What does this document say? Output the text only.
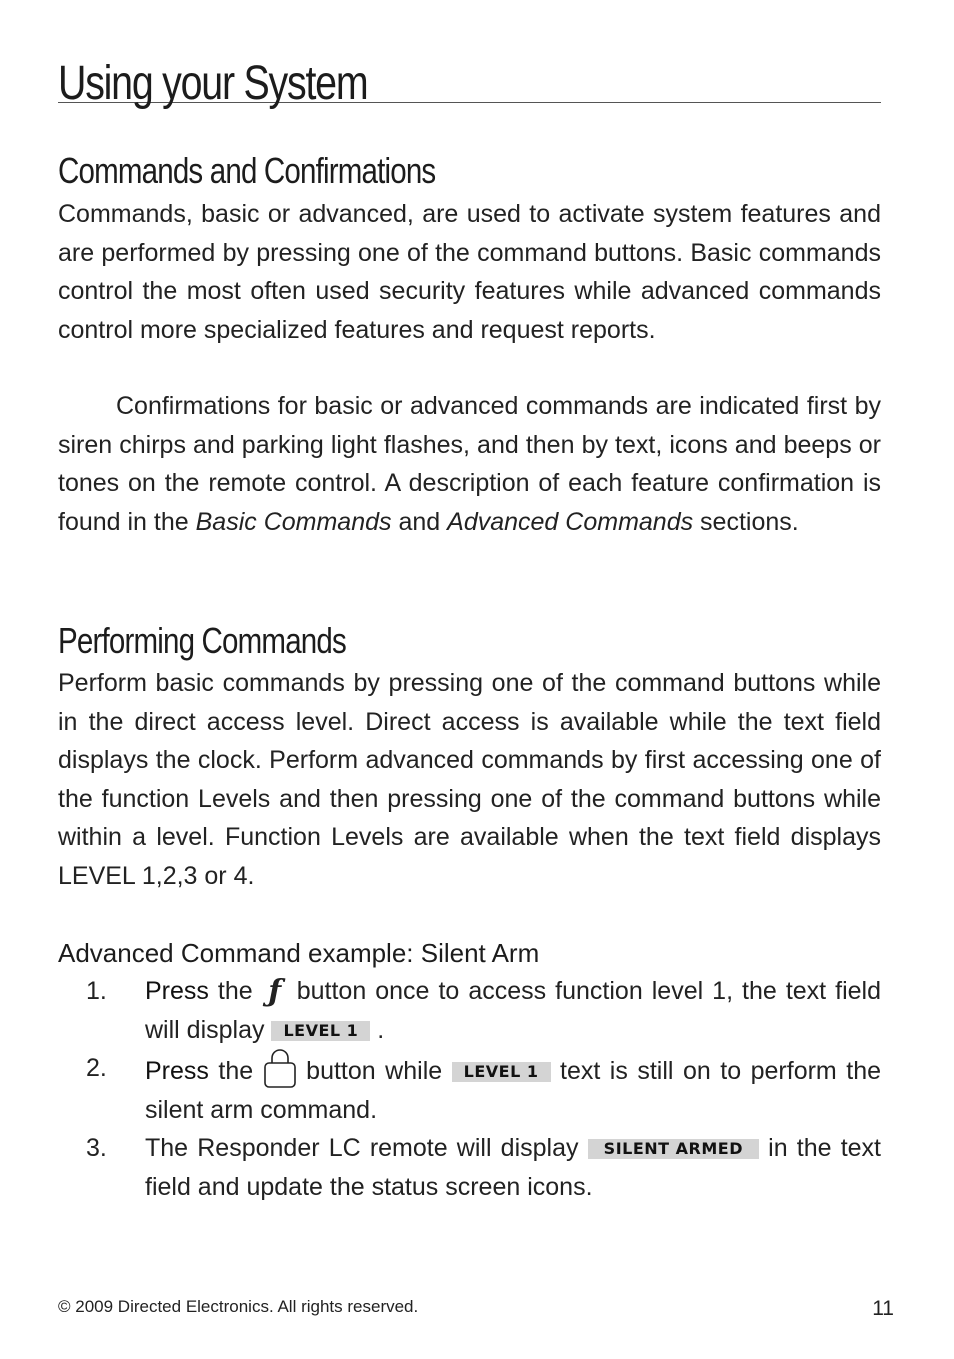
Using your System
Commands and Confirmations

Commands, basic or advanced, are used to activate system features and are performed by pressing one of the command buttons. Basic commands control the most often used security features while advanced commands control more specialized features and request reports.

Confirmations for basic or advanced commands are indicated first by siren chirps and parking light flashes, and then by text, icons and beeps or tones on the remote control. A description of each feature confirmation is found in the Basic Commands and Advanced Commands sections.

Performing Commands

Perform basic commands by pressing one of the command buttons while in the direct access level. Direct access is available while the text field displays the clock. Perform advanced commands by first accessing one of the function Levels and then pressing one of the command buttons while within a level. Function Levels are available when the text field displays LEVEL 1,2,3 or 4.

Advanced Command example: Silent Arm
1. Press the ƒ button once to access function level 1, the text field will display LEVEL 1 .
2. Press the  button while LEVEL 1 text is still on to perform the silent arm command.
3. The Responder LC remote will display SILENT ARMED in the text field and update the status screen icons.
© 2009 Directed Electronics. All rights reserved.	11
